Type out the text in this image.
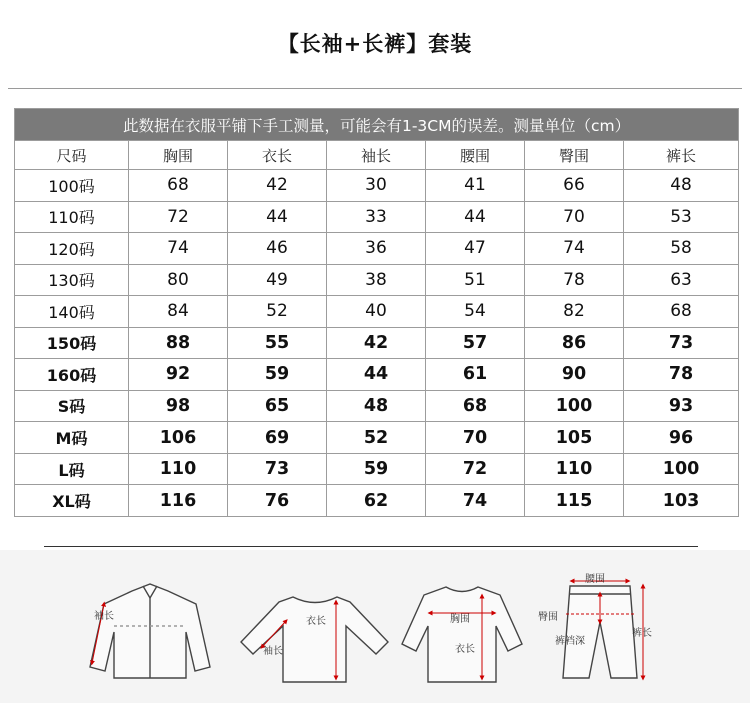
【长袖+长裤】套装
此数据在衣服平铺下手工测量，可能会有1-3CM的误差。测量单位（cm）						
尺码	胸围	衣长	袖长	腰围	臀围	裤长
100码	68	42	30	41	66	48
110码	72	44	33	44	70	53
120码	74	46	36	47	74	58
130码	80	49	38	51	78	63
140码	84	52	40	54	82	68
150码	88	55	42	57	86	73
160码	92	59	44	61	90	78
S码	98	65	48	68	100	93
M码	106	69	52	70	105	96
L码	110	73	59	72	110	100
XL码	116	76	62	74	115	103
袖长	衣长
袖长
胸围
衣长
腰围
臀围
裤裆深
裤长
